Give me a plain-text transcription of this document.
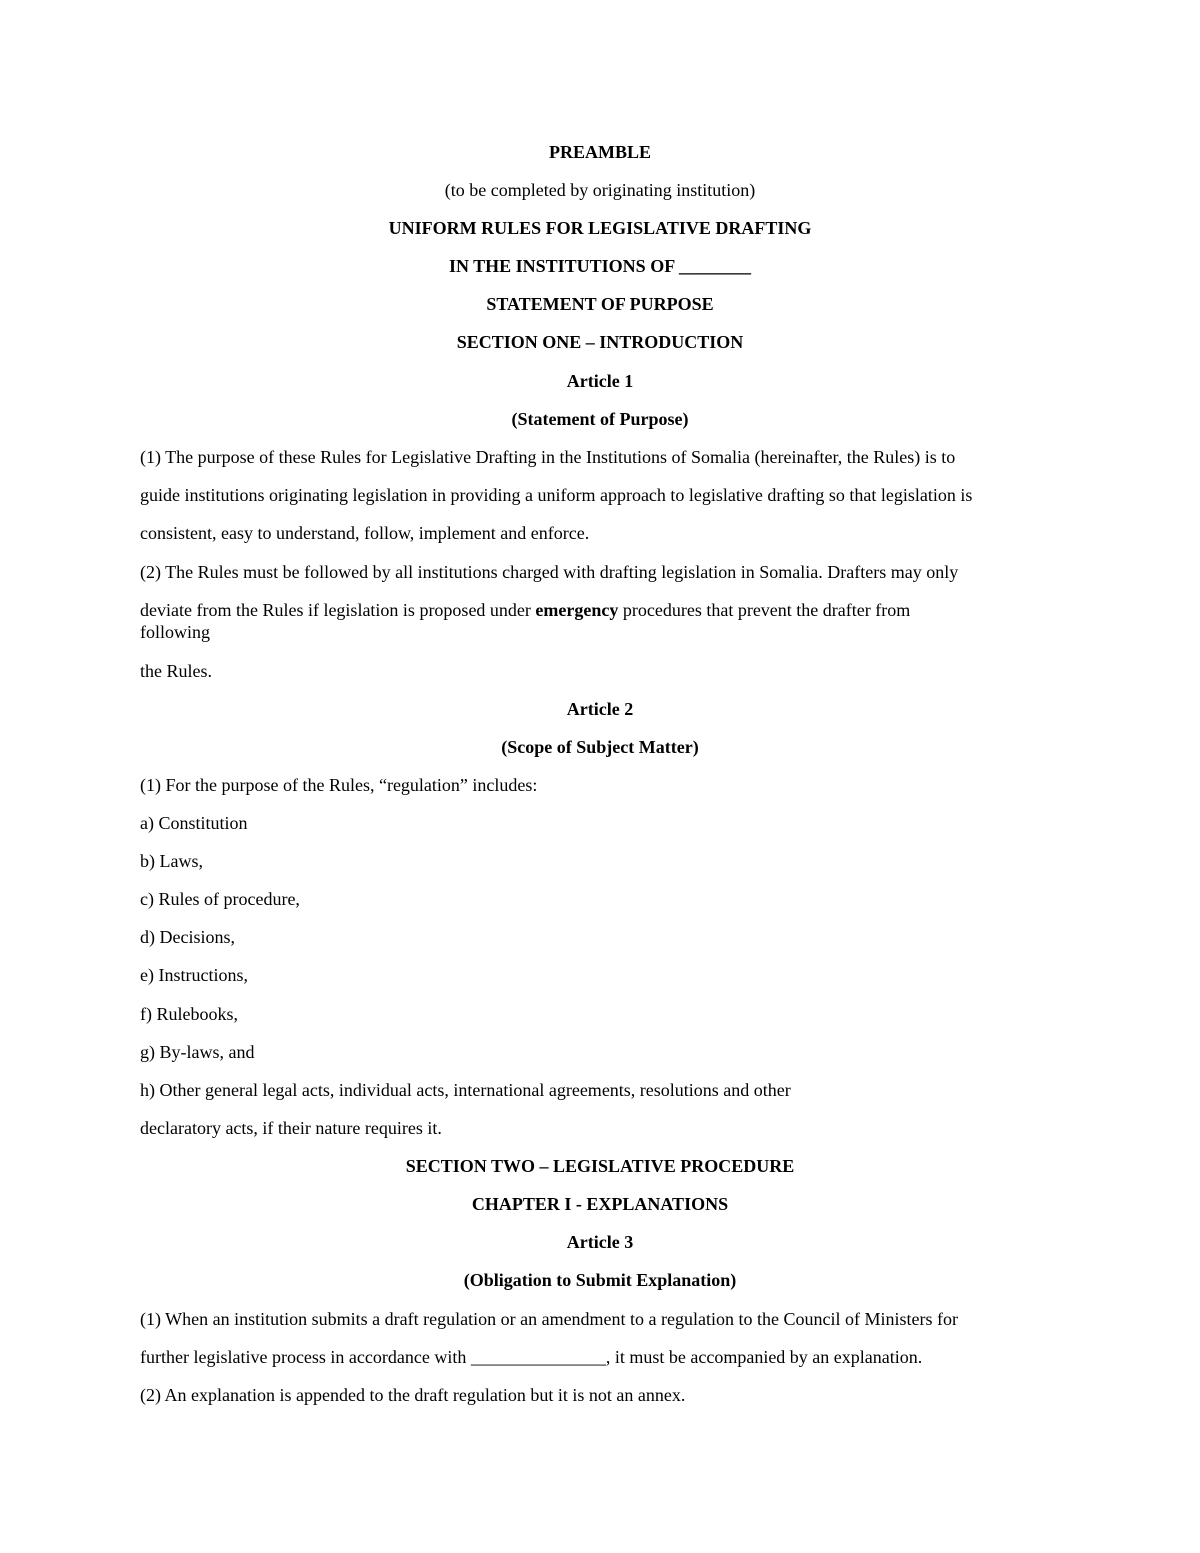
PREAMBLE
(to be completed by originating institution)
UNIFORM RULES FOR LEGISLATIVE DRAFTING
IN THE INSTITUTIONS OF ________
STATEMENT OF PURPOSE
SECTION ONE – INTRODUCTION
Article 1
(Statement of Purpose)
(1) The purpose of these Rules for Legislative Drafting in the Institutions of Somalia (hereinafter, the Rules) is to
guide institutions originating legislation in providing a uniform approach to legislative drafting so that legislation is
consistent, easy to understand, follow, implement and enforce.
(2) The Rules must be followed by all institutions charged with drafting legislation in Somalia. Drafters may only
deviate from the Rules if legislation is proposed under emergency procedures that prevent the drafter from
following
the Rules.
Article 2
(Scope of Subject Matter)
(1) For the purpose of the Rules, “regulation” includes:
a) Constitution
b) Laws,
c) Rules of procedure,
d) Decisions,
e) Instructions,
f) Rulebooks,
g) By-laws, and
h) Other general legal acts, individual acts, international agreements, resolutions and other
declaratory acts, if their nature requires it.
SECTION TWO – LEGISLATIVE PROCEDURE
CHAPTER I - EXPLANATIONS
Article 3
(Obligation to Submit Explanation)
(1) When an institution submits a draft regulation or an amendment to a regulation to the Council of Ministers for
further legislative process in accordance with _______________, it must be accompanied by an explanation.
(2) An explanation is appended to the draft regulation but it is not an annex.
